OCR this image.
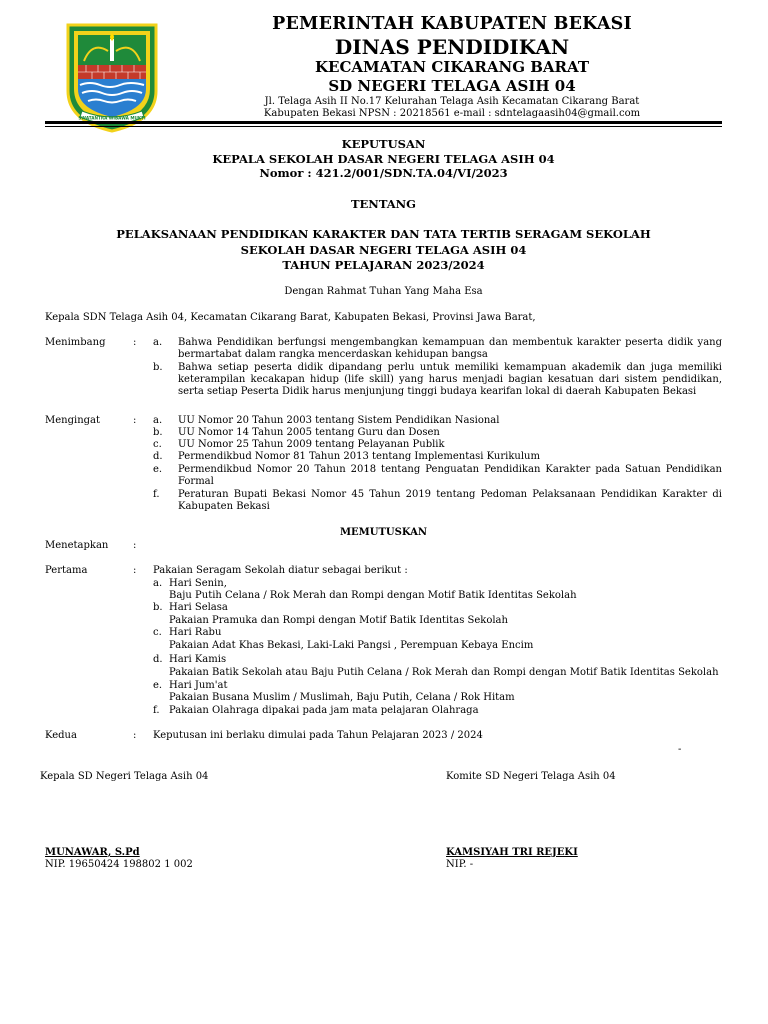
SWATANTRA WIBAWA MUKTI
PEMERINTAH KABUPATEN BEKASI
DINAS PENDIDIKAN
KECAMATAN CIKARANG BARAT
SD NEGERI TELAGA ASIH 04
Jl. Telaga Asih II No.17 Kelurahan Telaga Asih Kecamatan Cikarang Barat
Kabupaten Bekasi NPSN : 20218561 e-mail : sdntelagaasih04@gmail.com
KEPUTUSAN
KEPALA SEKOLAH DASAR NEGERI TELAGA ASIH 04
Nomor : 421.2/001/SDN.TA.04/VI/2023
TENTANG
PELAKSANAAN PENDIDIKAN KARAKTER DAN TATA TERTIB SERAGAM SEKOLAH
SEKOLAH DASAR NEGERI TELAGA ASIH 04
TAHUN PELAJARAN 2023/2024
Dengan Rahmat Tuhan Yang Maha Esa
Kepala SDN Telaga Asih 04, Kecamatan Cikarang Barat, Kabupaten Bekasi, Provinsi Jawa Barat,
Menimbang	: a. Bahwa Pendidikan berfungsi mengembangkan kemampuan dan membentuk karakter peserta didik yang bermartabat dalam rangka mencerdaskan kehidupan bangsa
b. Bahwa setiap peserta didik dipandang perlu untuk memiliki kemampuan akademik dan juga memiliki keterampilan kecakapan hidup (life skill) yang harus menjadi bagian kesatuan dari sistem pendidikan, serta setiap Peserta Didik harus menjunjung tinggi budaya kearifan lokal di daerah Kabupaten Bekasi
Mengingat	: a. UU Nomor 20 Tahun 2003 tentang Sistem Pendidikan Nasional
b. UU Nomor 14 Tahun 2005 tentang Guru dan Dosen
c. UU Nomor 25 Tahun 2009 tentang Pelayanan Publik
d. Permendikbud Nomor 81 Tahun 2013 tentang Implementasi Kurikulum
e. Permendikbud Nomor 20 Tahun 2018 tentang Penguatan Pendidikan Karakter pada Satuan Pendidikan Formal
f. Peraturan Bupati Bekasi Nomor 45 Tahun 2019 tentang Pedoman Pelaksanaan Pendidikan Karakter di Kabupaten Bekasi
MEMUTUSKAN
Menetapkan :
Pertama	: Pakaian Seragam Sekolah diatur sebagai berikut :
a. Hari Senin,
Baju Putih Celana / Rok Merah dan Rompi dengan Motif Batik Identitas Sekolah
b. Hari Selasa
Pakaian Pramuka dan Rompi dengan Motif Batik Identitas Sekolah
c. Hari Rabu
Pakaian Adat Khas Bekasi, Laki-Laki Pangsi , Perempuan Kebaya Encim
d. Hari Kamis
Pakaian Batik Sekolah atau Baju Putih Celana / Rok Merah dan Rompi dengan Motif Batik Identitas Sekolah
e. Hari Jum'at
Pakaian Busana Muslim / Muslimah, Baju Putih, Celana / Rok Hitam
f. Pakaian Olahraga dipakai pada jam mata pelajaran Olahraga
Kedua	: Keputusan ini berlaku dimulai pada Tahun Pelajaran 2023 / 2024
-
Kepala SD Negeri Telaga Asih 04	Komite SD Negeri Telaga Asih 04
MUNAWAR, S.Pd	KAMSIYAH TRI REJEKI
NIP. 19650424 198802 1 002	NIP. -
